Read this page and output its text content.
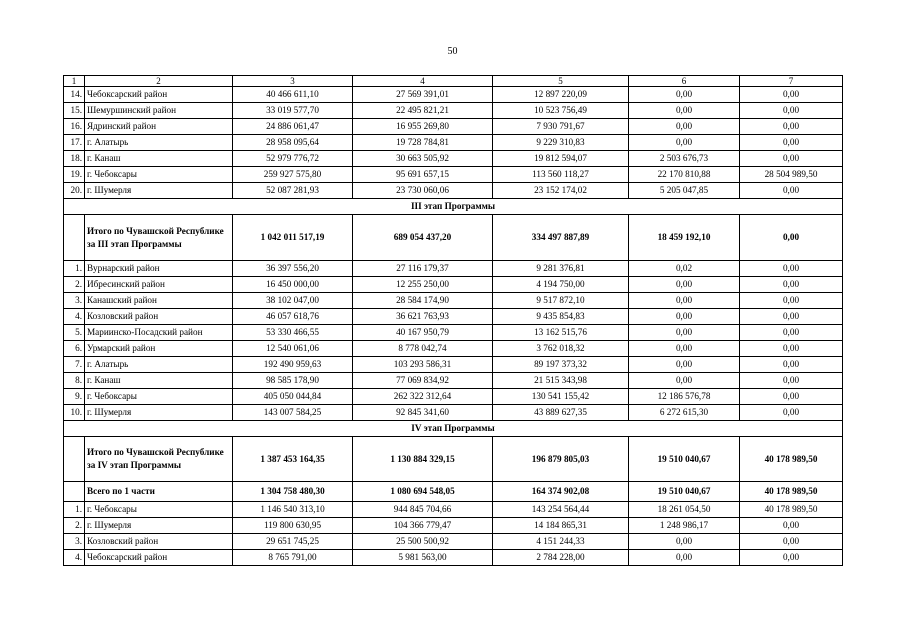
50
1	2	3	4	5	6	7
14.	Чебоксарский район	40 466 611,10	27 569 391,01	12 897 220,09	0,00	0,00
15.	Шемуршинский район	33 019 577,70	22 495 821,21	10 523 756,49	0,00	0,00
16.	Ядринский район	24 886 061,47	16 955 269,80	7 930 791,67	0,00	0,00
17.	г. Алатырь	28 958 095,64	19 728 784,81	9 229 310,83	0,00	0,00
18.	г. Канаш	52 979 776,72	30 663 505,92	19 812 594,07	2 503 676,73	0,00
19.	г. Чебоксары	259 927 575,80	95 691 657,15	113 560 118,27	22 170 810,88	28 504 989,50
20.	г. Шумерля	52 087 281,93	23 730 060,06	23 152 174,02	5 205 047,85	0,00
III этап Программы						
	Итого по Чувашской Республике за III этап Программы	1 042 011 517,19	689 054 437,20	334 497 887,89	18 459 192,10	0,00
1.	Вурнарский район	36 397 556,20	27 116 179,37	9 281 376,81	0,02	0,00
2.	Ибресинский район	16 450 000,00	12 255 250,00	4 194 750,00	0,00	0,00
3.	Канашский район	38 102 047,00	28 584 174,90	9 517 872,10	0,00	0,00
4.	Козловский район	46 057 618,76	36 621 763,93	9 435 854,83	0,00	0,00
5.	Мариинско-Посадский район	53 330 466,55	40 167 950,79	13 162 515,76	0,00	0,00
6.	Урмарский район	12 540 061,06	8 778 042,74	3 762 018,32	0,00	0,00
7.	г. Алатырь	192 490 959,63	103 293 586,31	89 197 373,32	0,00	0,00
8.	г. Канаш	98 585 178,90	77 069 834,92	21 515 343,98	0,00	0,00
9.	г. Чебоксары	405 050 044,84	262 322 312,64	130 541 155,42	12 186 576,78	0,00
10.	г. Шумерля	143 007 584,25	92 845 341,60	43 889 627,35	6 272 615,30	0,00
IV этап Программы						
	Итого по Чувашской Республике за IV этап Программы	1 387 453 164,35	1 130 884 329,15	196 879 805,03	19 510 040,67	40 178 989,50
	Всего по 1 части	1 304 758 480,30	1 080 694 548,05	164 374 902,08	19 510 040,67	40 178 989,50
1.	г. Чебоксары	1 146 540 313,10	944 845 704,66	143 254 564,44	18 261 054,50	40 178 989,50
2.	г. Шумерля	119 800 630,95	104 366 779,47	14 184 865,31	1 248 986,17	0,00
3.	Козловский район	29 651 745,25	25 500 500,92	4 151 244,33	0,00	0,00
4.	Чебоксарский район	8 765 791,00	5 981 563,00	2 784 228,00	0,00	0,00
